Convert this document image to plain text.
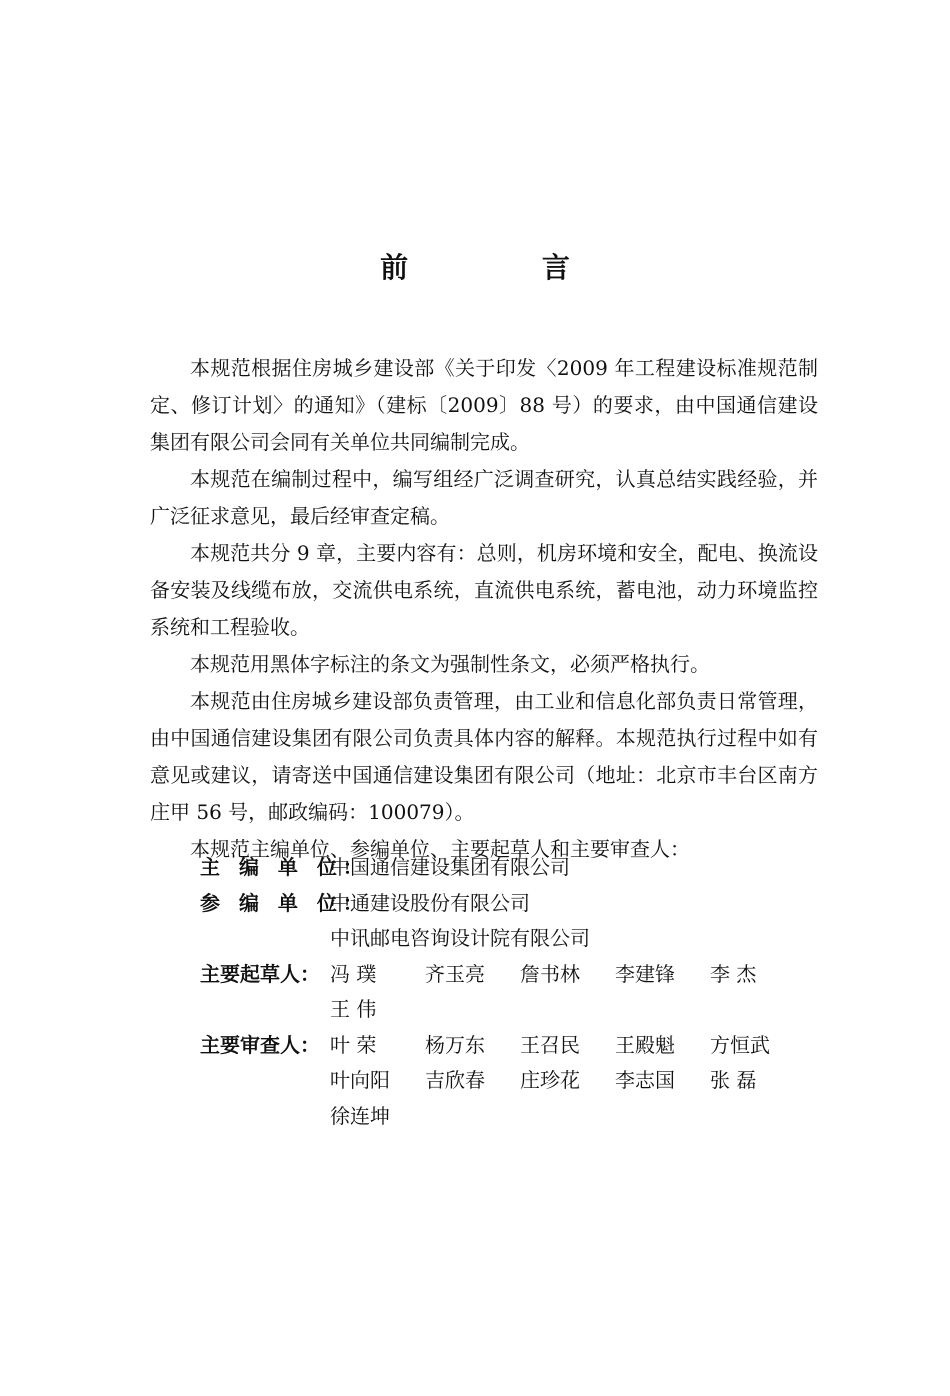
前 言

本规范根据住房城乡建设部《关于印发〈2009 年工程建设标准规范制定、修订计划〉的通知》（建标〔2009〕88 号）的要求，由中国通信建设集团有限公司会同有关单位共同编制完成。

本规范在编制过程中，编写组经广泛调查研究，认真总结实践经验，并广泛征求意见，最后经审查定稿。

本规范共分 9 章，主要内容有：总则，机房环境和安全，配电、换流设备安装及线缆布放，交流供电系统，直流供电系统，蓄电池，动力环境监控系统和工程验收。

本规范用黑体字标注的条文为强制性条文，必须严格执行。

本规范由住房城乡建设部负责管理，由工业和信息化部负责日常管理，由中国通信建设集团有限公司负责具体内容的解释。本规范执行过程中如有意见或建议，请寄送中国通信建设集团有限公司（地址：北京市丰台区南方庄甲 56 号，邮政编码：100079）。

本规范主编单位、参编单位、主要起草人和主要审查人：

主 编 单 位：
中国通信建设集团有限公司
参 编 单 位：
中通建设股份有限公司
中讯邮电咨询设计院有限公司
主要起草人： 冯 璞	齐玉亮	詹书林	李建锋	李 杰
王 伟
主要审查人： 叶 荣	杨万东	王召民	王殿魁	方恒武
叶向阳	吉欣春	庄珍花	李志国	张 磊
徐连坤
